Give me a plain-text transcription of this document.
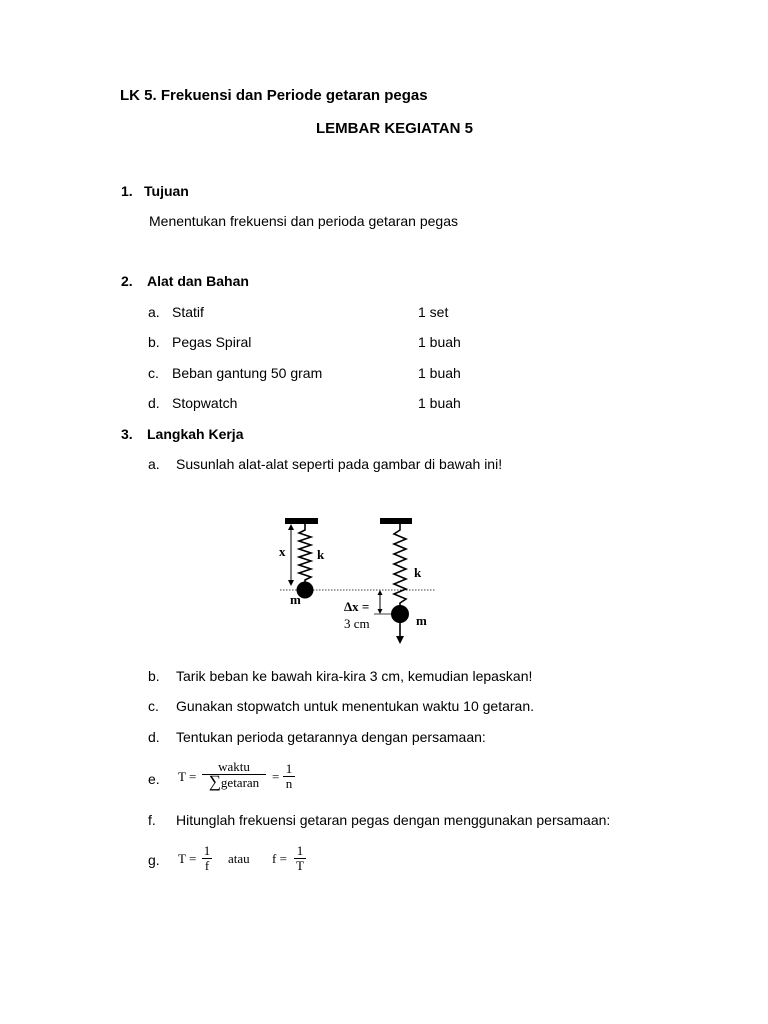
LK 5. Frekuensi dan Periode getaran pegas
LEMBAR KEGIATAN 5
1. Tujuan
Menentukan frekuensi dan perioda getaran pegas
2. Alat dan Bahan
a. Statif	1 set
b. Pegas Spiral	1 buah
c. Beban gantung 50 gram	1 buah
d. Stopwatch	1 buah
3. Langkah Kerja
a. Susunlah alat-alat seperti pada gambar di bawah ini!
x k
m
k
m
Δx =
3 cm
b. Tarik beban ke bawah kira-kira 3 cm, kemudian lepaskan!
c. Gunakan stopwatch untuk menentukan waktu 10 getaran.
d. Tentukan perioda getarannya dengan persamaan:
e. T =
waktu
∑getaran =
1
n
f. Hitunglah frekuensi getaran pegas dengan menggunakan persamaan:
g. T =
1
f atau f =
1
T
